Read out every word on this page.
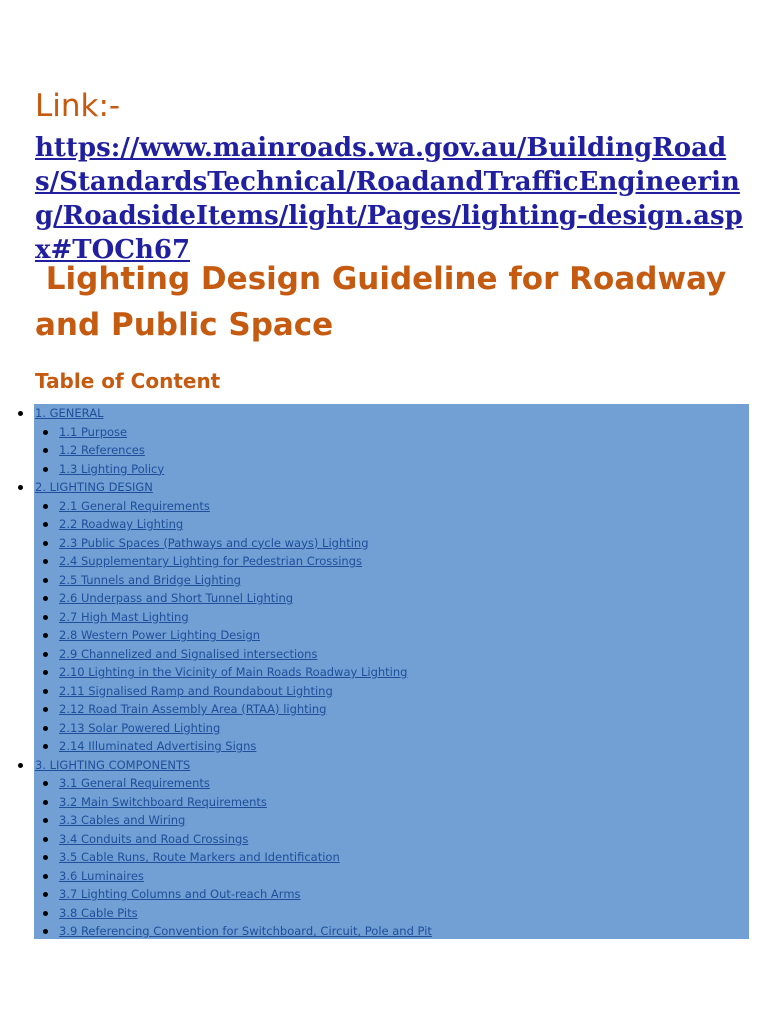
Link:-

https://www.mainroads.wa.gov.au/BuildingRoads/StandardsTechnical/RoadandTrafficEngineering/RoadsideItems/light/Pages/lighting-design.aspx#TOCh67
Lighting Design Guideline for Roadway and Public Space
Table of Content
1. GENERAL
1.1 Purpose
1.2 References
1.3 Lighting Policy
2. LIGHTING DESIGN
2.1 General Requirements
2.2 Roadway Lighting
2.3 Public Spaces (Pathways and cycle ways) Lighting
2.4 Supplementary Lighting for Pedestrian Crossings
2.5 Tunnels and Bridge Lighting
2.6 Underpass and Short Tunnel Lighting
2.7 High Mast Lighting
2.8 Western Power Lighting Design
2.9 Channelized and Signalised intersections
2.10 Lighting in the Vicinity of Main Roads Roadway Lighting
2.11 Signalised Ramp and Roundabout Lighting
2.12 Road Train Assembly Area (RTAA) lighting
2.13 Solar Powered Lighting
2.14 Illuminated Advertising Signs
3. LIGHTING COMPONENTS
3.1 General Requirements
3.2 Main Switchboard Requirements
3.3 Cables and Wiring
3.4 Conduits and Road Crossings
3.5 Cable Runs, Route Markers and Identification
3.6 Luminaires
3.7 Lighting Columns and Out-reach Arms
3.8 Cable Pits
3.9 Referencing Convention for Switchboard, Circuit, Pole and Pit
